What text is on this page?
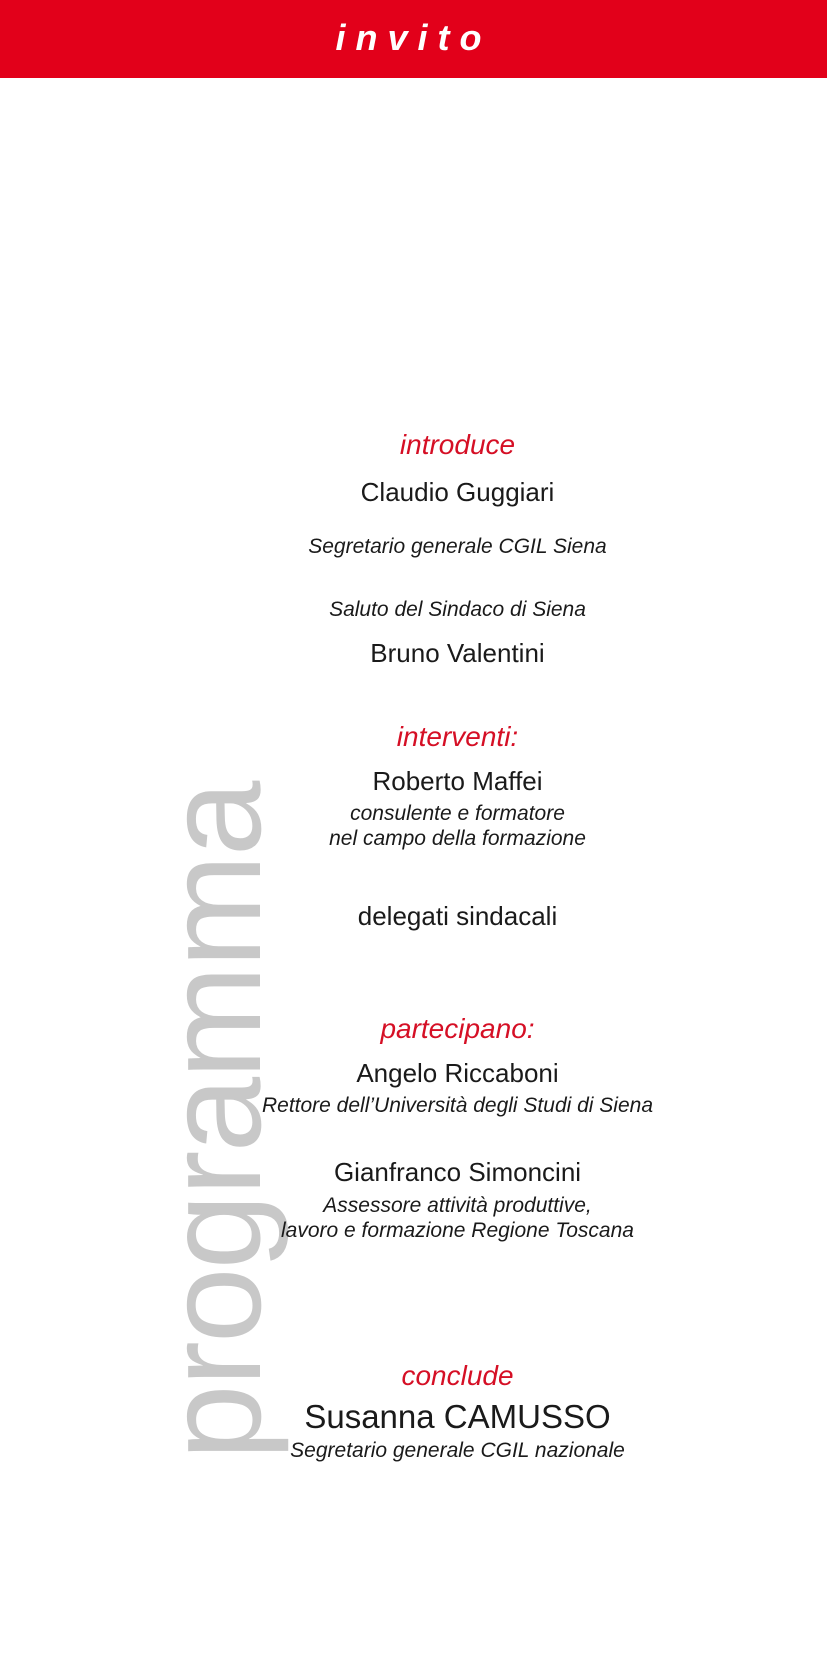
invito
programma
introduce
Claudio Guggiari
Segretario generale CGIL Siena
Saluto del Sindaco di Siena
Bruno Valentini
interventi:
Roberto Maffei
consulente e formatore
nel campo della formazione
delegati sindacali
partecipano:
Angelo Riccaboni
Rettore dell’Università degli Studi di Siena
Gianfranco Simoncini
Assessore attività produttive,
lavoro e formazione Regione Toscana
conclude
Susanna CAMUSSO
Segretario generale CGIL nazionale
